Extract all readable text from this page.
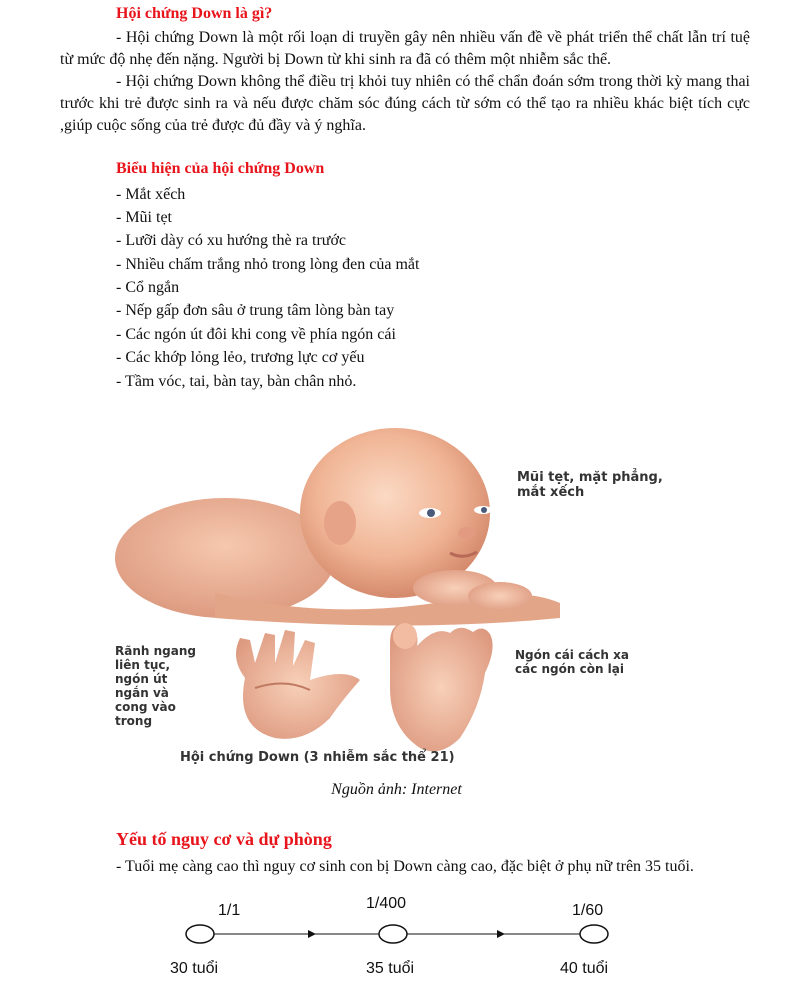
Hội chứng Down là gì?
- Hội chứng Down là một rối loạn di truyền gây nên nhiều vấn đề về phát triển thể chất lẫn trí tuệ từ mức độ nhẹ đến nặng. Người bị Down từ khi sinh ra đã có thêm một nhiễm sắc thể.
- Hội chứng Down không thể điều trị khỏi tuy nhiên có thể chẩn đoán sớm trong thời kỳ mang thai trước khi trẻ được sinh ra và nếu được chăm sóc đúng cách từ sớm có thể tạo ra nhiều khác biệt tích cực ,giúp cuộc sống của trẻ được đủ đầy và ý nghĩa.
Biểu hiện của hội chứng Down
- Mắt xếch
- Mũi tẹt
- Lưỡi dày có xu hướng thè ra trước
- Nhiều chấm trắng nhỏ trong lòng đen của mắt
- Cổ ngắn
- Nếp gấp đơn sâu ở trung tâm lòng bàn tay
- Các ngón út đôi khi cong về phía ngón cái
- Các khớp lỏng lẻo, trương lực cơ yếu
- Tầm vóc, tai, bàn tay, bàn chân nhỏ.
Mũi tẹt, mặt phẳng,
mắt xếch
Rãnh ngang
liên tục,
ngón út
ngắn và
cong vào
trong
Ngón cái cách xa
các ngón còn lại
Hội chứng Down (3 nhiễm sắc thể 21)
Nguồn ảnh: Internet
Yếu tố nguy cơ và dự phòng
- Tuổi mẹ càng cao thì nguy cơ sinh con bị Down càng cao, đặc biệt ở phụ nữ trên 35 tuổi.
1/1	1/400	1/60
30 tuổi	35 tuổi	40 tuổi
